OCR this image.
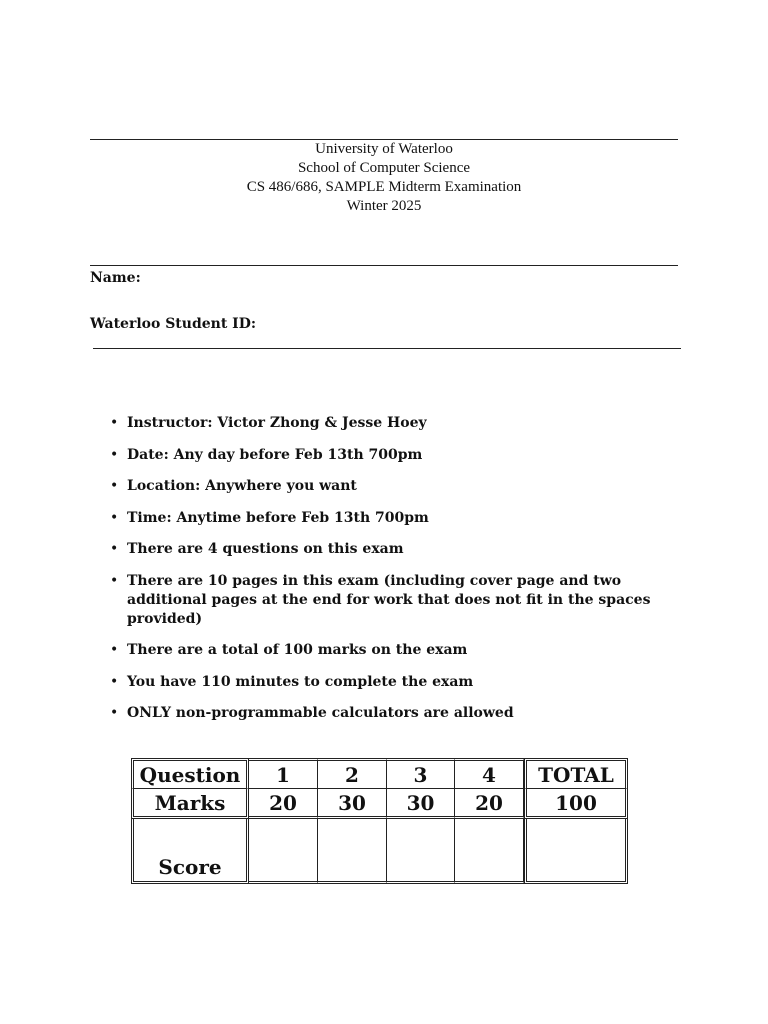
University of Waterloo
School of Computer Science
CS 486/686, SAMPLE Midterm Examination
Winter 2025
Name:
Waterloo Student ID:
• Instructor: Victor Zhong & Jesse Hoey
• Date: Any day before Feb 13th 700pm
• Location: Anywhere you want
• Time: Anytime before Feb 13th 700pm
• There are 4 questions on this exam
• There are 10 pages in this exam (including cover page and two additional pages at the end for work that does not fit in the spaces provided)
• There are a total of 100 marks on the exam
• You have 110 minutes to complete the exam
• ONLY non-programmable calculators are allowed
Question	1	2	3	4	TOTAL
Marks	20	30	30	20	100
Score					
